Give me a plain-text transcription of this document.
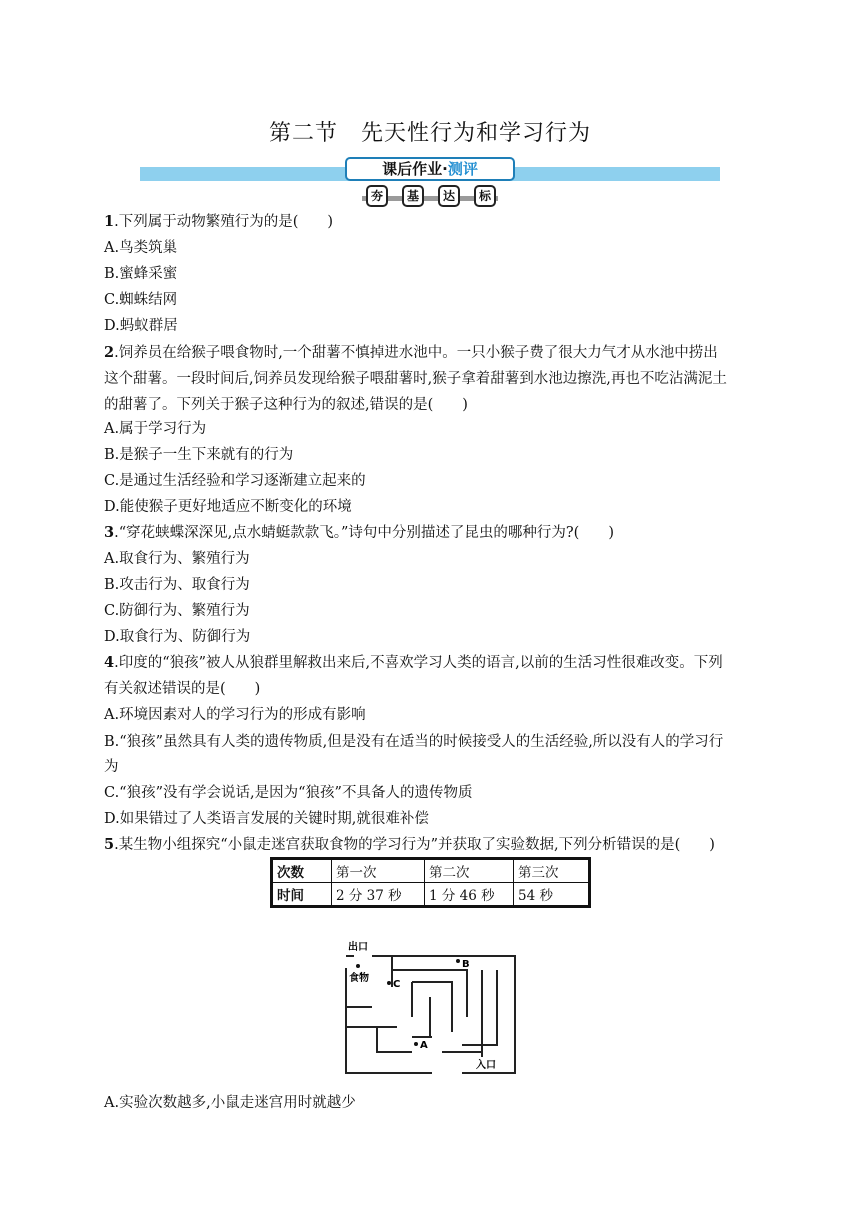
第二节　先天性行为和学习行为
课后作业·测评
夯	基	达	标
1.下列属于动物繁殖行为的是(　　)
A.鸟类筑巢
B.蜜蜂采蜜
C.蜘蛛结网
D.蚂蚁群居
2.饲养员在给猴子喂食物时,一个甜薯不慎掉进水池中。一只小猴子费了很大力气才从水池中捞出
这个甜薯。一段时间后,饲养员发现给猴子喂甜薯时,猴子拿着甜薯到水池边擦洗,再也不吃沾满泥土
的甜薯了。下列关于猴子这种行为的叙述,错误的是(　　)
A.属于学习行为
B.是猴子一生下来就有的行为
C.是通过生活经验和学习逐渐建立起来的
D.能使猴子更好地适应不断变化的环境
3.“穿花蛱蝶深深见,点水蜻蜓款款飞。”诗句中分别描述了昆虫的哪种行为?(　　)
A.取食行为、繁殖行为
B.攻击行为、取食行为
C.防御行为、繁殖行为
D.取食行为、防御行为
4.印度的“狼孩”被人从狼群里解救出来后,不喜欢学习人类的语言,以前的生活习性很难改变。下列
有关叙述错误的是(　　)
A.环境因素对人的学习行为的形成有影响
B.“狼孩”虽然具有人类的遗传物质,但是没有在适当的时候接受人的生活经验,所以没有人的学习行
为
C.“狼孩”没有学会说话,是因为“狼孩”不具备人的遗传物质
D.如果错过了人类语言发展的关键时期,就很难补偿
5.某生物小组探究“小鼠走迷宫获取食物的学习行为”并获取了实验数据,下列分析错误的是(　　)
次数	第一次	第二次	第三次
时间	2 分 37 秒	1 分 46 秒	54 秒
出口
食物
C
B
A
入口
A.实验次数越多,小鼠走迷宫用时就越少
